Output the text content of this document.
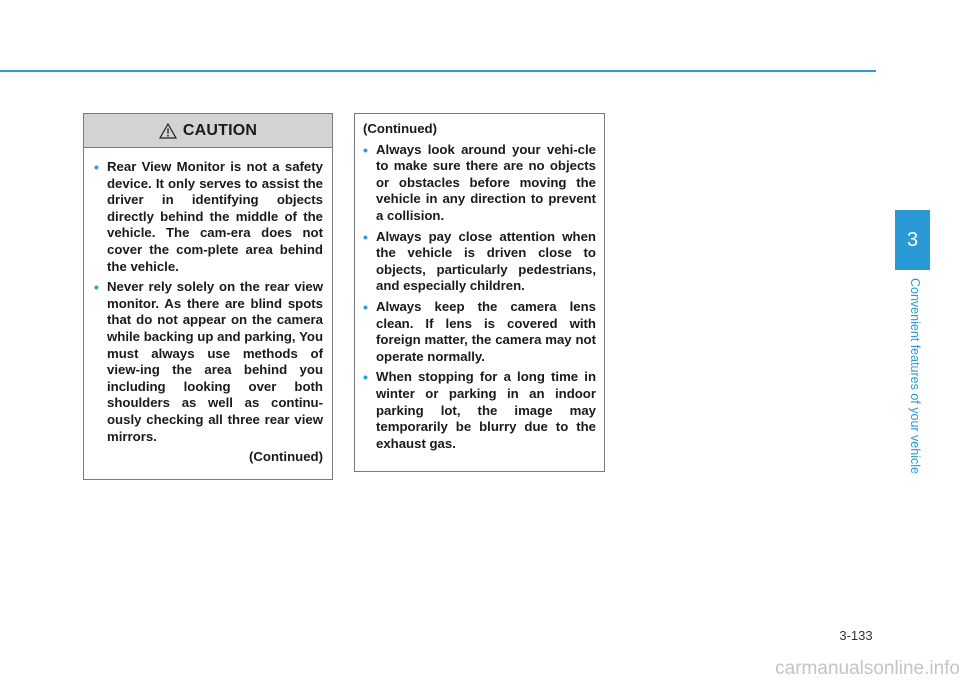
CAUTION
• Rear View Monitor is not a safety device. It only serves to assist the driver in identifying objects directly behind the middle of the vehicle. The cam-era does not cover the com-plete area behind the vehicle.
• Never rely solely on the rear view monitor. As there are blind spots that do not appear on the camera while backing up and parking, You must always use methods of view-ing the area behind you including looking over both shoulders as well as continu-ously checking all three rear view mirrors.
(Continued)
(Continued)
• Always look around your vehi-cle to make sure there are no objects or obstacles before moving the vehicle in any direction to prevent a collision.
• Always pay close attention when the vehicle is driven close to objects, particularly pedestrians, and especially children.
• Always keep the camera lens clean. If lens is covered with foreign matter, the camera may not operate normally.
• When stopping for a long time in winter or parking in an indoor parking lot, the image may temporarily be blurry due to the exhaust gas.
3
Convenient features of your vehicle
3-133
carmanualsonline.info
